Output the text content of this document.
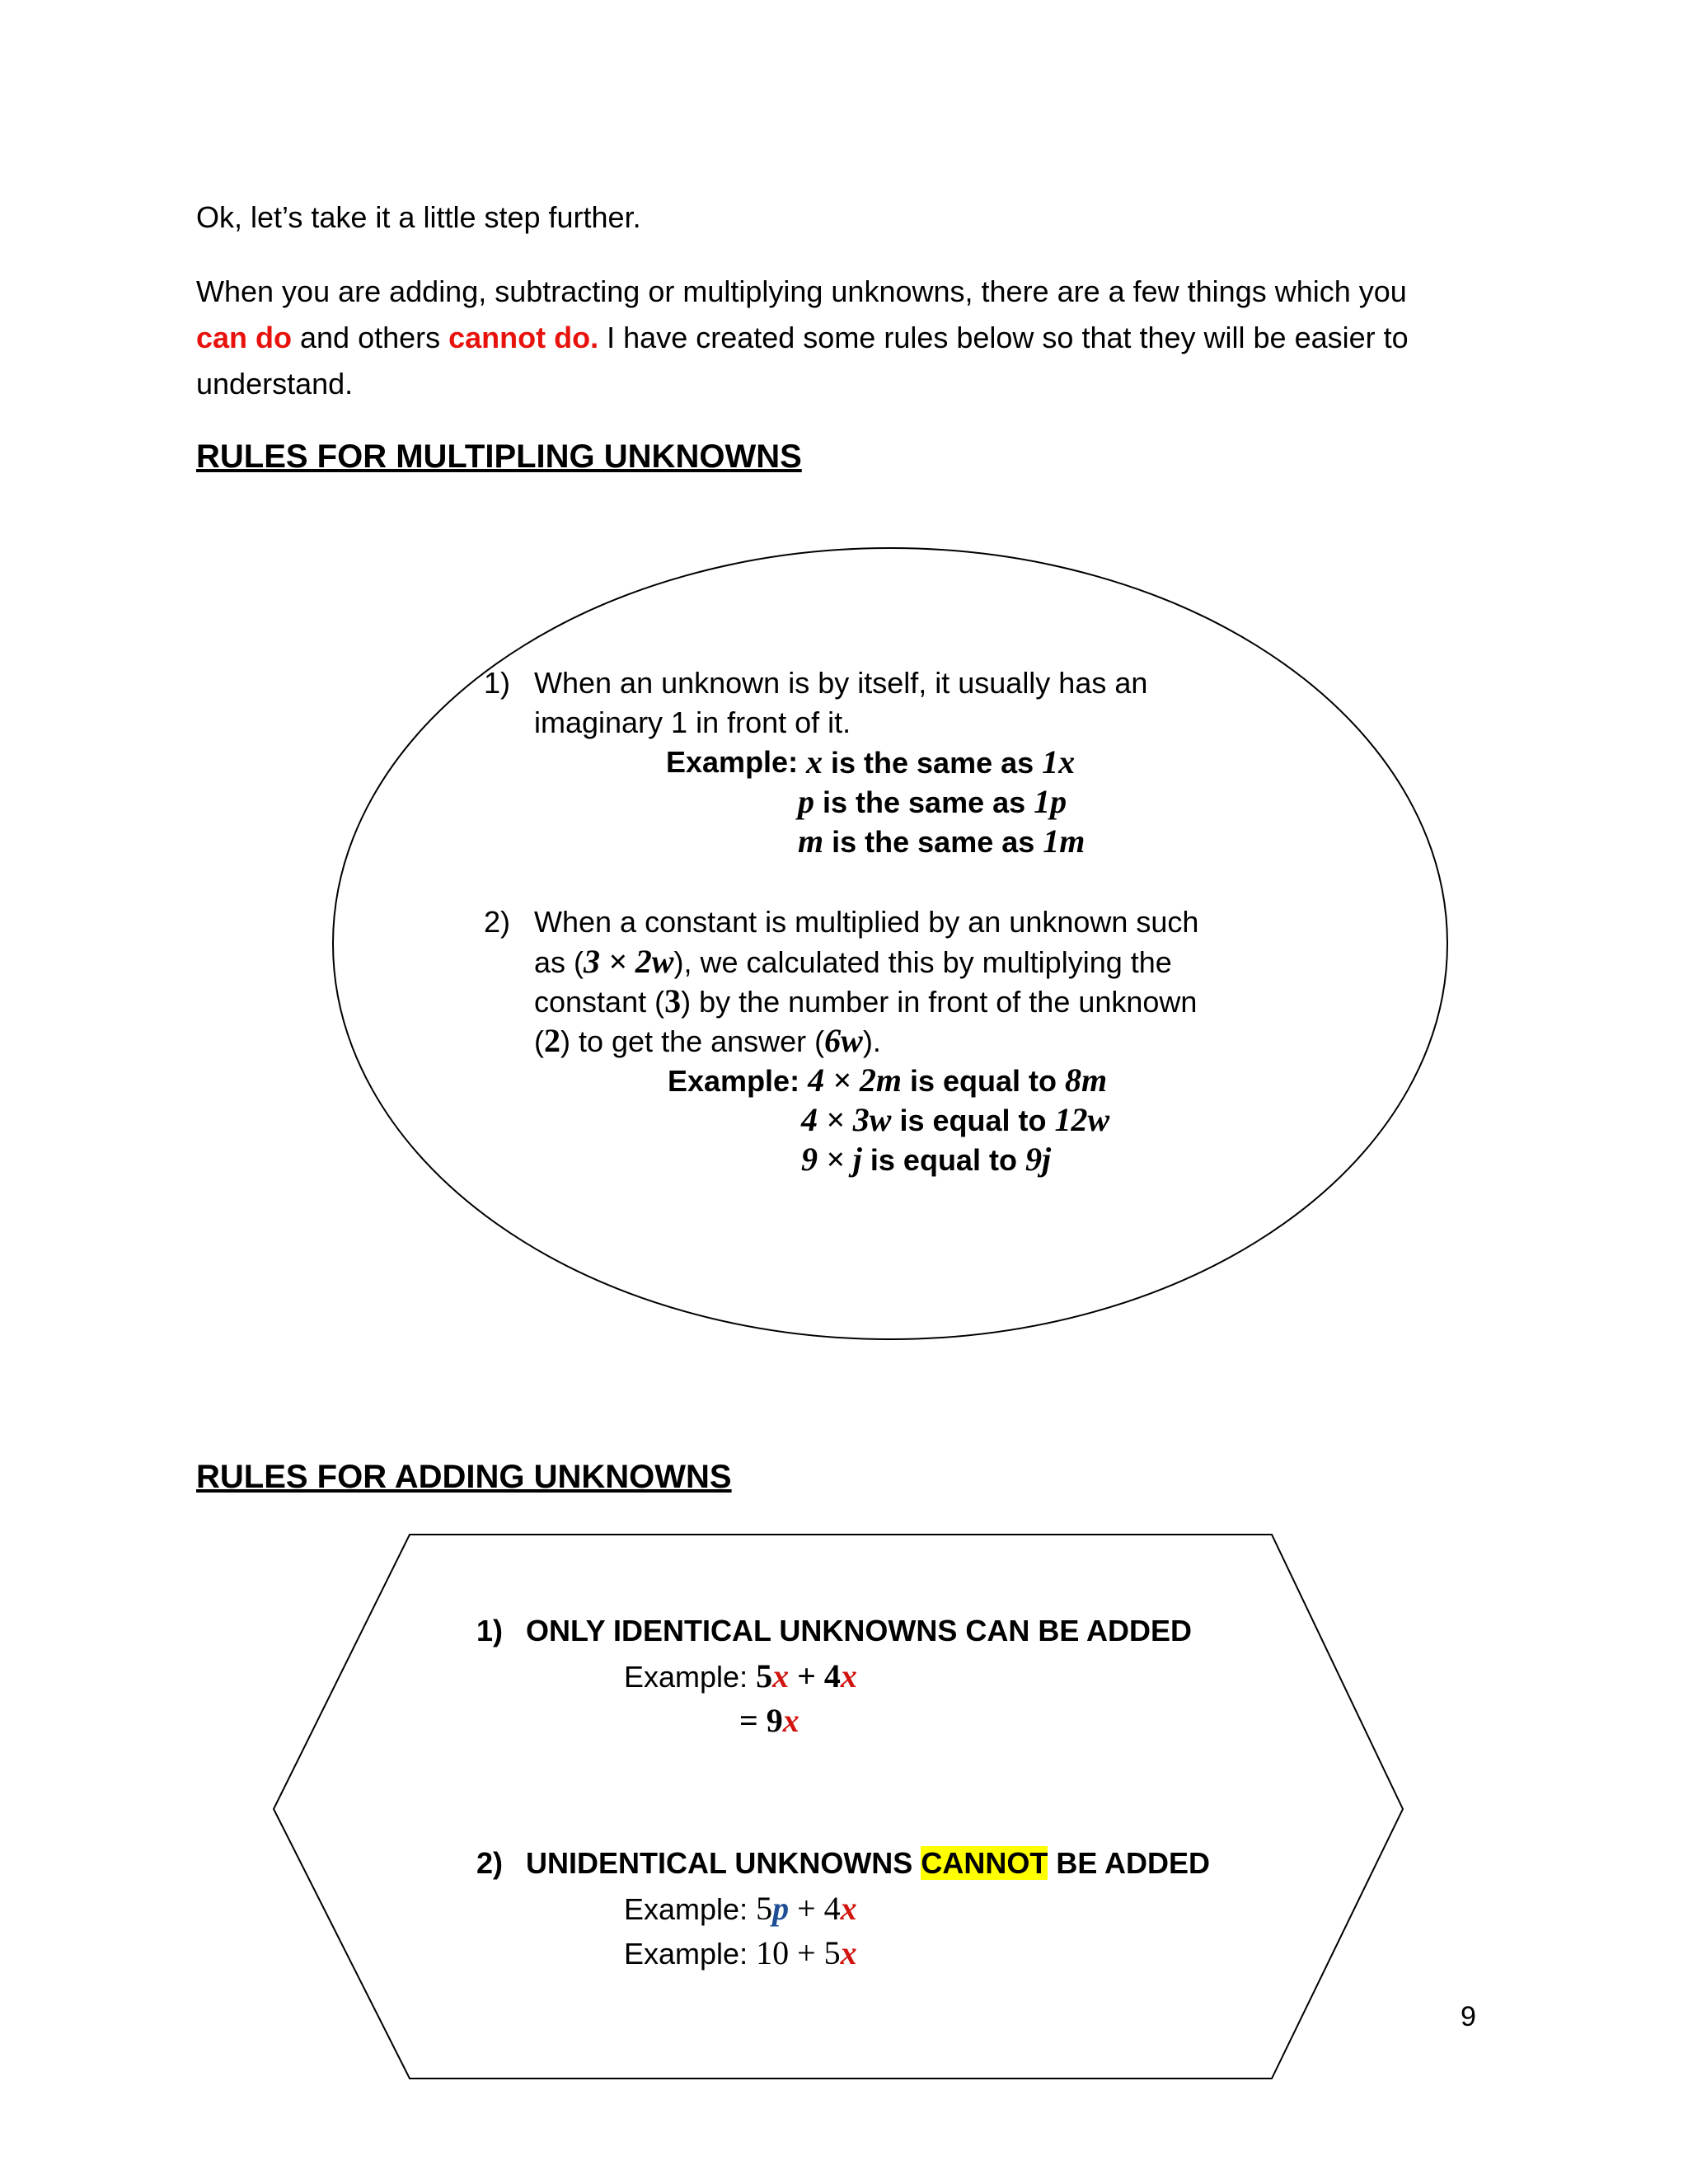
Ok, let’s take it a little step further.

When you are adding, subtracting or multiplying unknowns, there are a few things which you
can do and others cannot do. I have created some rules below so that they will be easier to
understand.

RULES FOR MULTIPLING UNKNOWNS

1) When an unknown is by itself, it usually has an
imaginary 1 in front of it.
Example: x is the same as 1x
p is the same as 1p
m is the same as 1m
2) When a constant is multiplied by an unknown such
as (3 × 2w), we calculated this by multiplying the
constant (3) by the number in front of the unknown
(2) to get the answer (6w).
Example: 4 × 2m is equal to 8m
4 × 3w is equal to 12w
9 × j is equal to 9j

RULES FOR ADDING UNKNOWNS

1) ONLY IDENTICAL UNKNOWNS CAN BE ADDED
Example: 5x + 4x
= 9x
2) UNIDENTICAL UNKNOWNS CANNOT BE ADDED
Example: 5p + 4x
Example: 10 + 5x
9
